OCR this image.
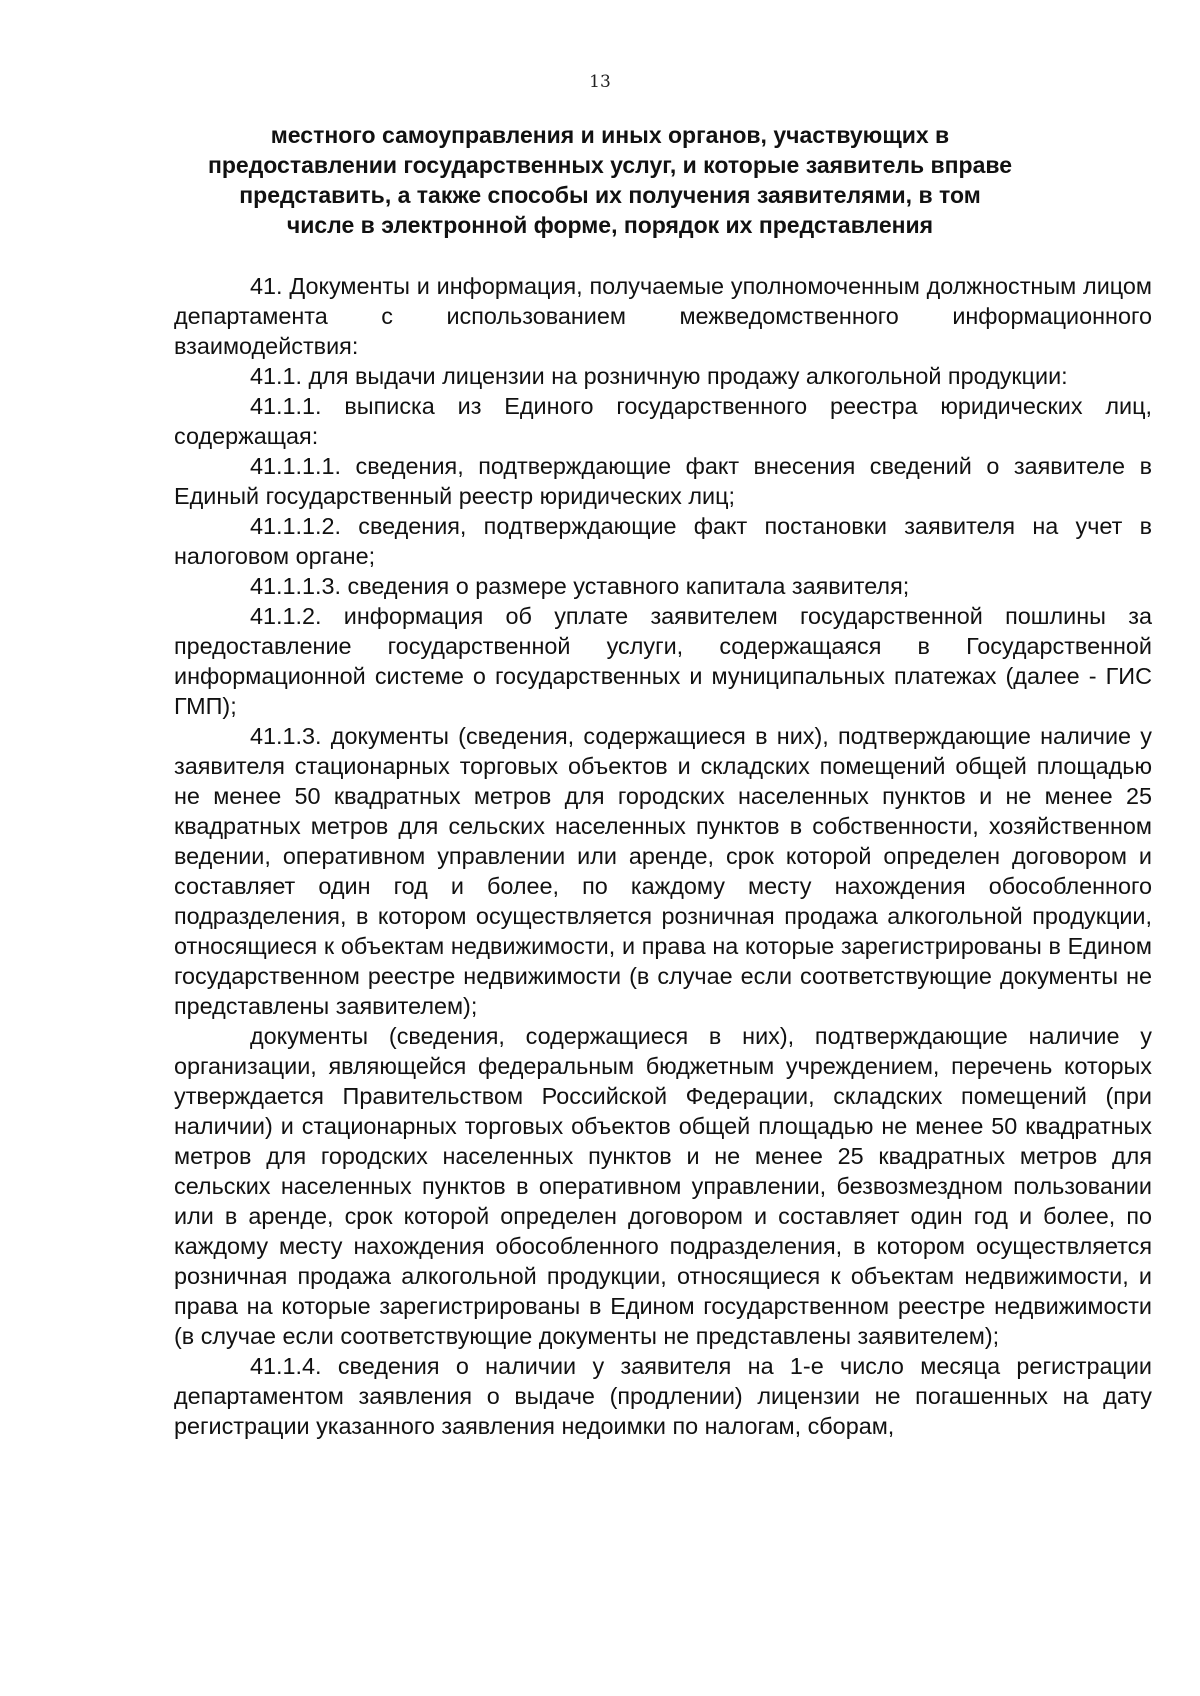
13
местного самоуправления и иных органов, участвующих в
предоставлении государственных услуг, и которые заявитель вправе
представить, а также способы их получения заявителями, в том
числе в электронной форме, порядок их представления

41. Документы и информация, получаемые уполномоченным должностным лицом департамента с использованием межведомственного информационного взаимодействия:

41.1. для выдачи лицензии на розничную продажу алкогольной продукции:

41.1.1. выписка из Единого государственного реестра юридических лиц, содержащая:

41.1.1.1. сведения, подтверждающие факт внесения сведений о заявителе в Единый государственный реестр юридических лиц;

41.1.1.2. сведения, подтверждающие факт постановки заявителя на учет в налоговом органе;

41.1.1.3. сведения о размере уставного капитала заявителя;

41.1.2. информация об уплате заявителем государственной пошлины за предоставление государственной услуги, содержащаяся в Государственной информационной системе о государственных и муниципальных платежах (далее - ГИС ГМП);

41.1.3. документы (сведения, содержащиеся в них), подтверждающие наличие у заявителя стационарных торговых объектов и складских помещений общей площадью не менее 50 квадратных метров для городских населенных пунктов и не менее 25 квадратных метров для сельских населенных пунктов в собственности, хозяйственном ведении, оперативном управлении или аренде, срок которой определен договором и составляет один год и более, по каждому месту нахождения обособленного подразделения, в котором осуществляется розничная продажа алкогольной продукции, относящиеся к объектам недвижимости, и права на которые зарегистрированы в Едином государственном реестре недвижимости (в случае если соответствующие документы не представлены заявителем);

документы (сведения, содержащиеся в них), подтверждающие наличие у организации, являющейся федеральным бюджетным учреждением, перечень которых утверждается Правительством Российской Федерации, складских помещений (при наличии) и стационарных торговых объектов общей площадью не менее 50 квадратных метров для городских населенных пунктов и не менее 25 квадратных метров для сельских населенных пунктов в оперативном управлении, безвозмездном пользовании или в аренде, срок которой определен договором и составляет один год и более, по каждому месту нахождения обособленного подразделения, в котором осуществляется розничная продажа алкогольной продукции, относящиеся к объектам недвижимости, и права на которые зарегистрированы в Едином государственном реестре недвижимости (в случае если соответствующие документы не представлены заявителем);

41.1.4. сведения о наличии у заявителя на 1-е число месяца регистрации департаментом заявления о выдаче (продлении) лицензии не погашенных на дату регистрации указанного заявления недоимки по налогам, сборам,
